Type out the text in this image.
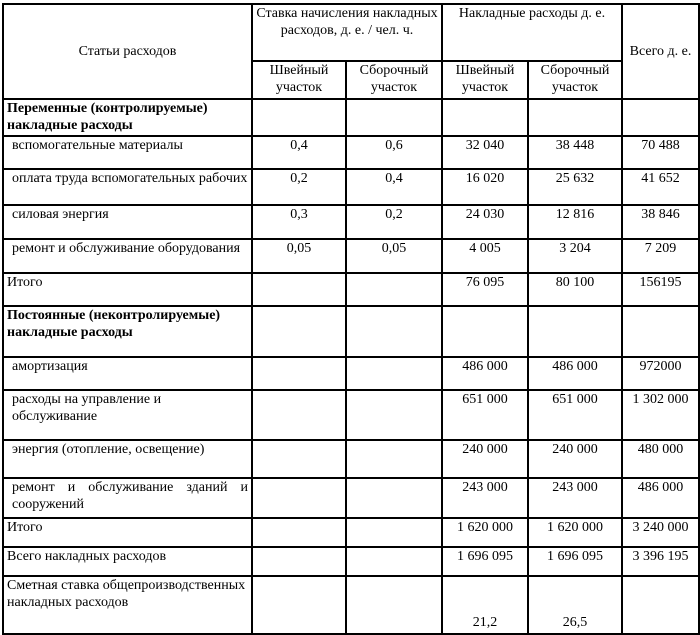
Статьи расходов	Ставка начисления накладных расходов, д. е. / чел. ч.		Накладные расходы д. е.		Всего д. е.
	Швейный участок	Сборочный участок	Швейный участок	Сборочный участок	
Переменные (контролируемые) накладные расходы					
вспомогательные материалы	0,4	0,6	32 040	38 448	70 488
оплата труда вспомогательных рабочих	0,2	0,4	16 020	25 632	41 652
силовая энергия	0,3	0,2	24 030	12 816	38 846
ремонт и обслуживание оборудования	0,05	0,05	4 005	3 204	7 209
Итого			76 095	80 100	156195
Постоянные (неконтролируемые) накладные расходы					
амортизация			486 000	486 000	972000
расходы на управление и обслуживание			651 000	651 000	1 302 000
энергия (отопление, освещение)			240 000	240 000	480 000
ремонт и обслуживание зданий и сооружений			243 000	243 000	486 000
Итого			1 620 000	1 620 000	3 240 000
Всего накладных расходов			1 696 095	1 696 095	3 396 195
Сметная ставка общепроизводственных накладных расходов			21,2	26,5	
